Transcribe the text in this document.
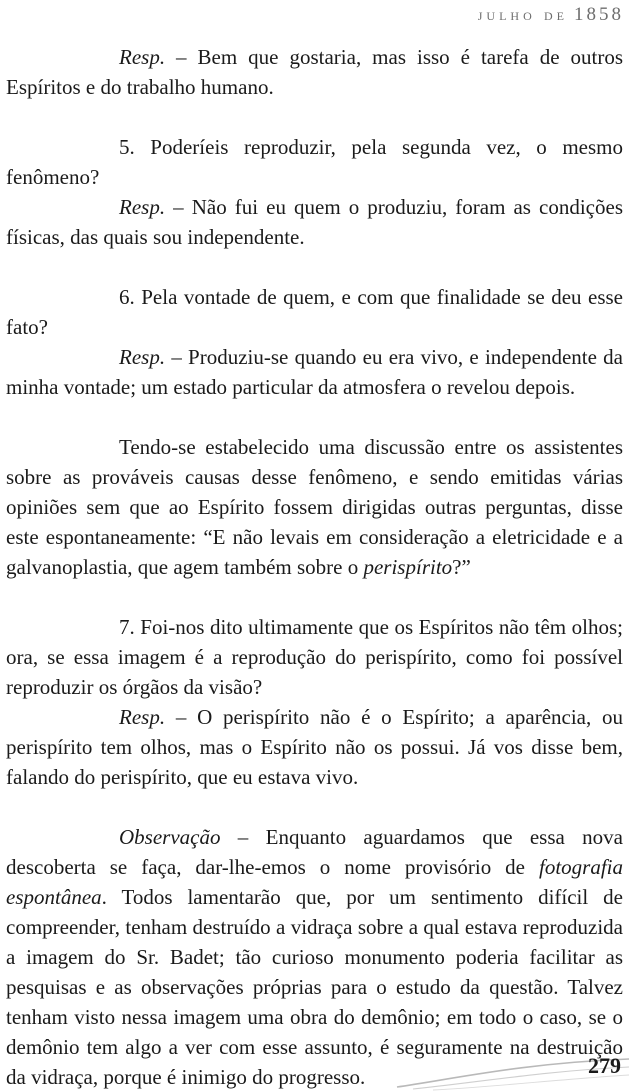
julho de 1858

Resp. – Bem que gostaria, mas isso é tarefa de outros Espíritos e do trabalho humano.

5. Poderíeis reproduzir, pela segunda vez, o mesmo fenômeno?

Resp. – Não fui eu quem o produziu, foram as condições físicas, das quais sou independente.

6. Pela vontade de quem, e com que finalidade se deu esse fato?

Resp. – Produziu-se quando eu era vivo, e independente da minha vontade; um estado particular da atmosfera o revelou depois.

Tendo-se estabelecido uma discussão entre os assistentes sobre as prováveis causas desse fenômeno, e sendo emitidas várias opiniões sem que ao Espírito fossem dirigidas outras perguntas, disse este espontaneamente: “E não levais em consideração a eletricidade e a galvanoplastia, que agem também sobre o perispírito?”

7. Foi-nos dito ultimamente que os Espíritos não têm olhos; ora, se essa imagem é a reprodução do perispírito, como foi possível reproduzir os órgãos da visão?

Resp. – O perispírito não é o Espírito; a aparência, ou perispírito tem olhos, mas o Espírito não os possui. Já vos disse bem, falando do perispírito, que eu estava vivo.

Observação – Enquanto aguardamos que essa nova descoberta se faça, dar-lhe-emos o nome provisório de fotografia espontânea. Todos lamentarão que, por um sentimento difícil de compreender, tenham destruído a vidraça sobre a qual estava reproduzida a imagem do Sr. Badet; tão curioso monumento poderia facilitar as pesquisas e as observações próprias para o estudo da questão. Talvez tenham visto nessa imagem uma obra do demônio; em todo o caso, se o demônio tem algo a ver com esse assunto, é seguramente na destruição da vidraça, porque é inimigo do progresso.	279
